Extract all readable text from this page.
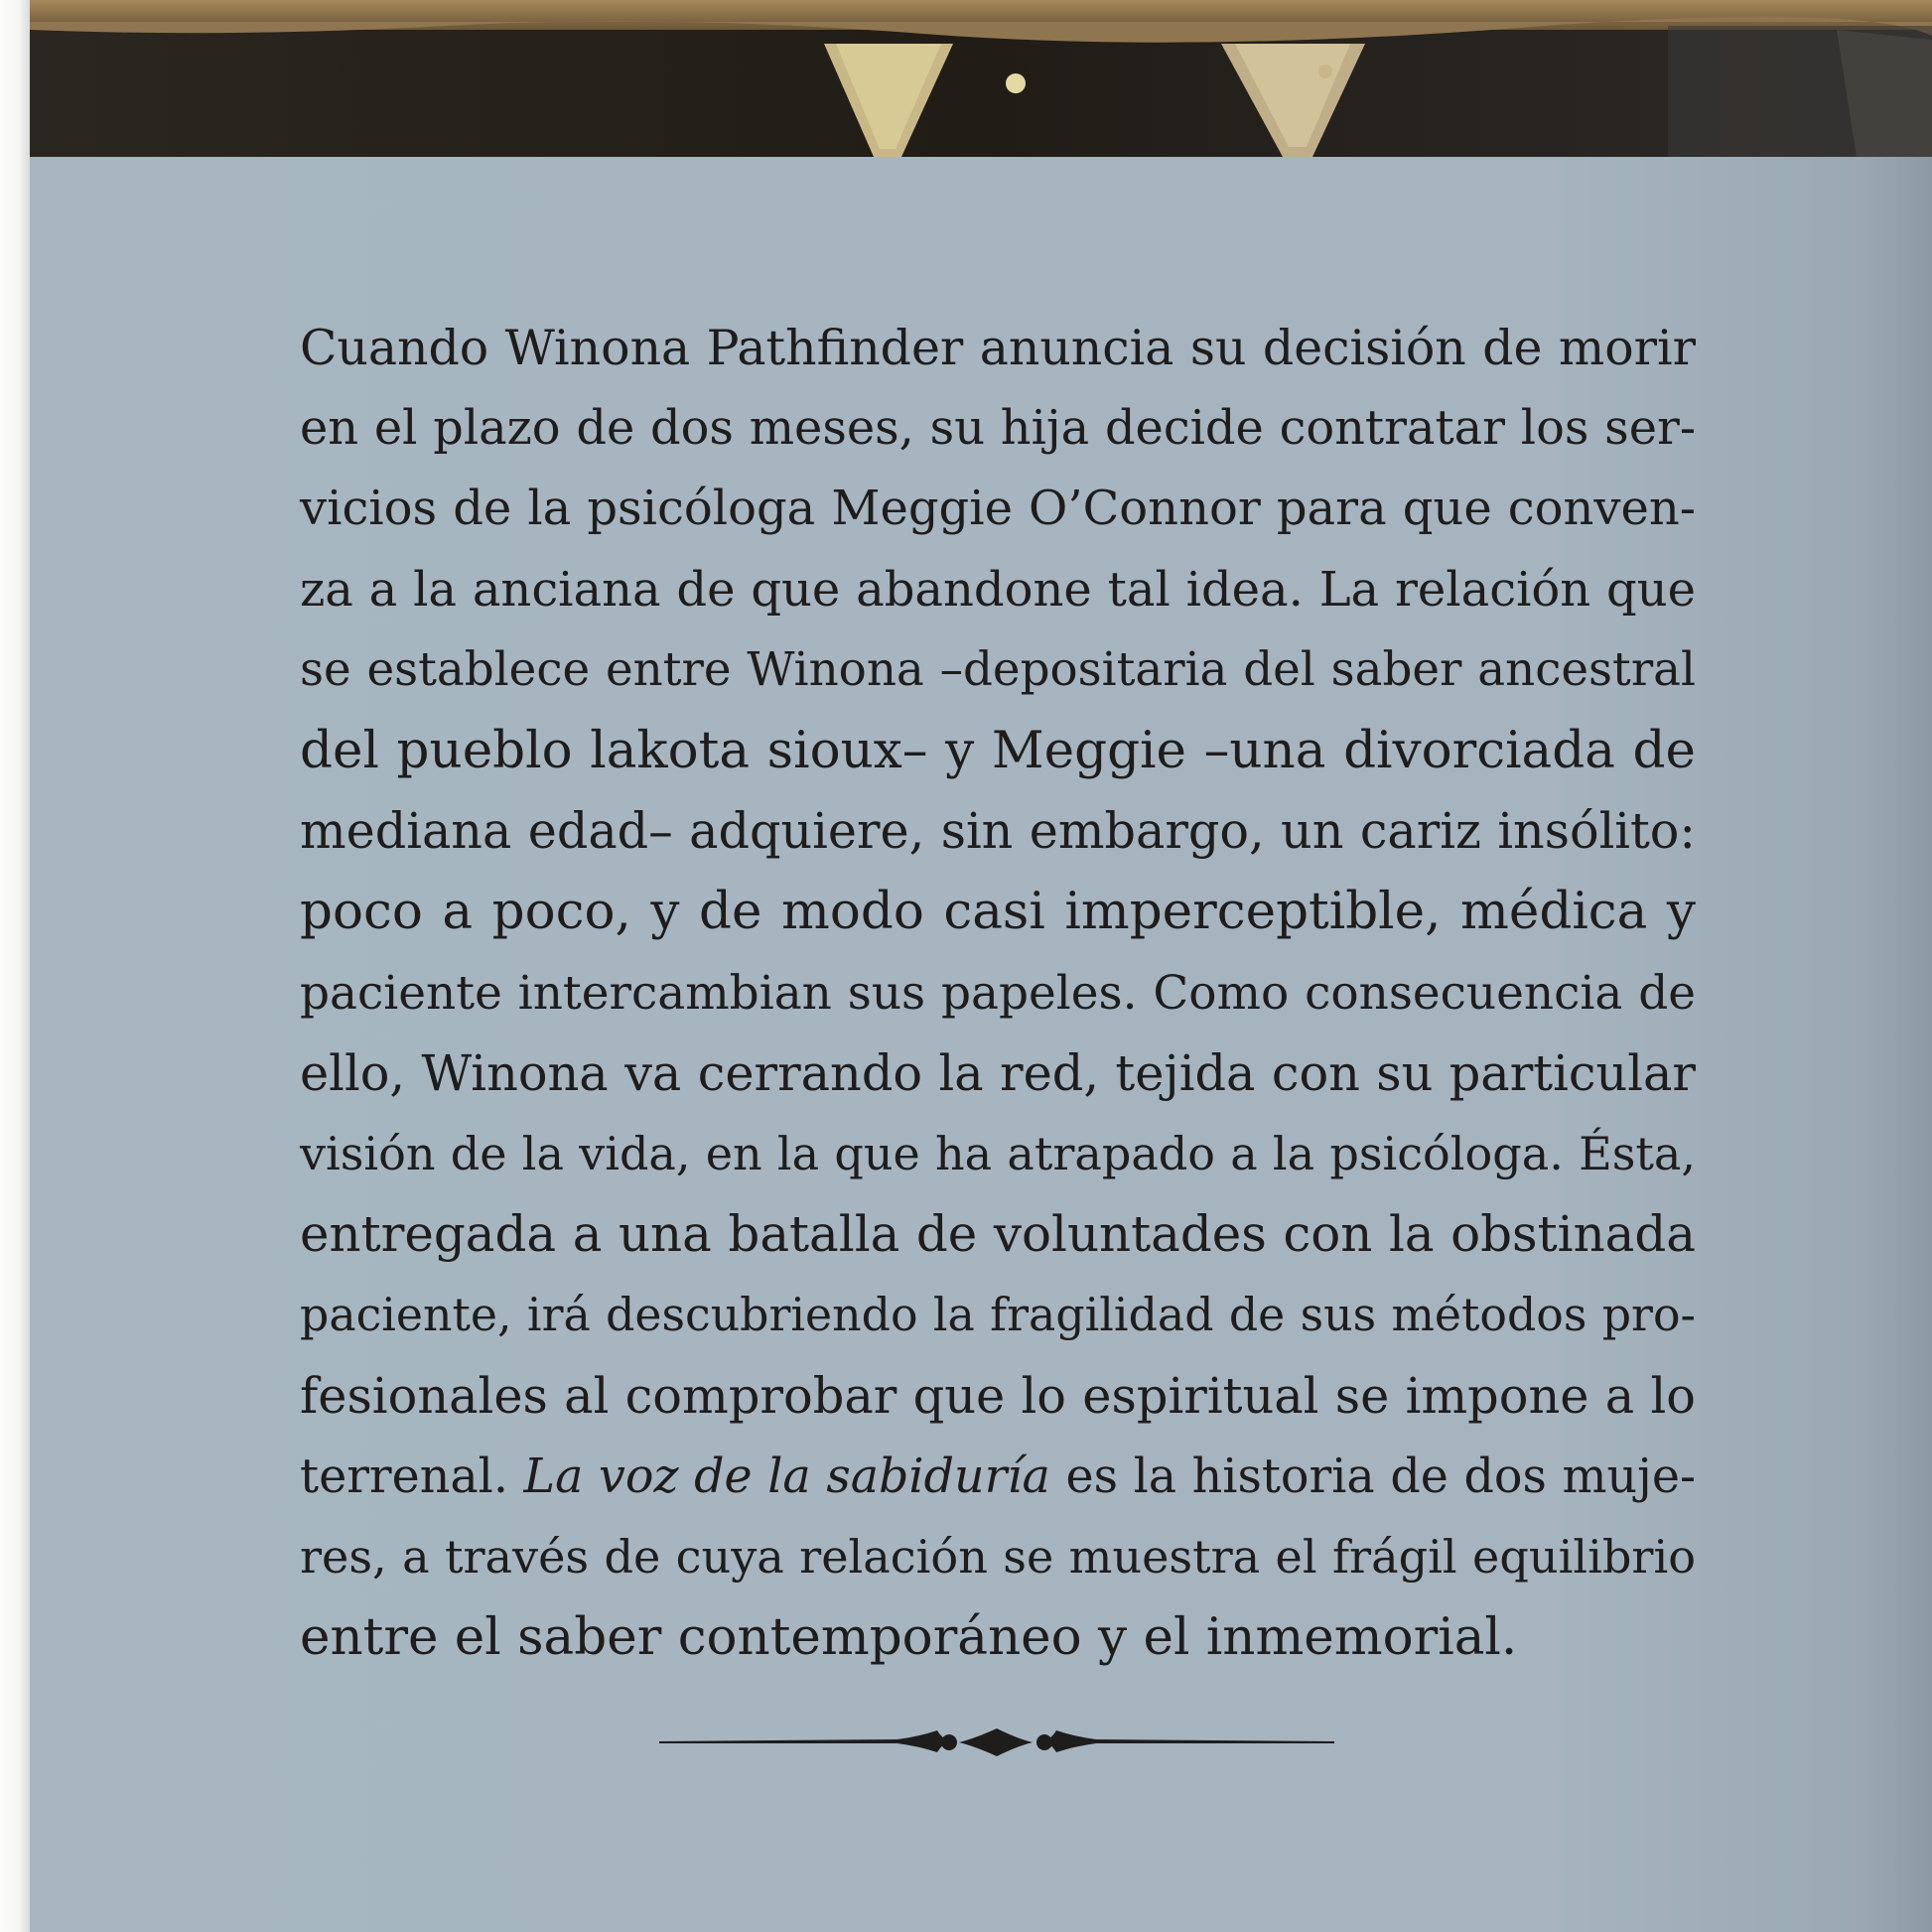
Cuando Winona Pathfinder anuncia su decisión de morir
en el plazo de dos meses, su hija decide contratar los ser-
vicios de la psicóloga Meggie O’Connor para que conven-
za a la anciana de que abandone tal idea. La relación que
se establece entre Winona –depositaria del saber ancestral
del pueblo lakota sioux– y Meggie –una divorciada de
mediana edad– adquiere, sin embargo, un cariz insólito:
poco a poco, y de modo casi imperceptible, médica y
paciente intercambian sus papeles. Como consecuencia de
ello, Winona va cerrando la red, tejida con su particular
visión de la vida, en la que ha atrapado a la psicóloga. Ésta,
entregada a una batalla de voluntades con la obstinada
paciente, irá descubriendo la fragilidad de sus métodos pro-
fesionales al comprobar que lo espiritual se impone a lo
terrenal. La voz de la sabiduría es la historia de dos muje-
res, a través de cuya relación se muestra el frágil equilibrio
entre el saber contemporáneo y el inmemorial.
